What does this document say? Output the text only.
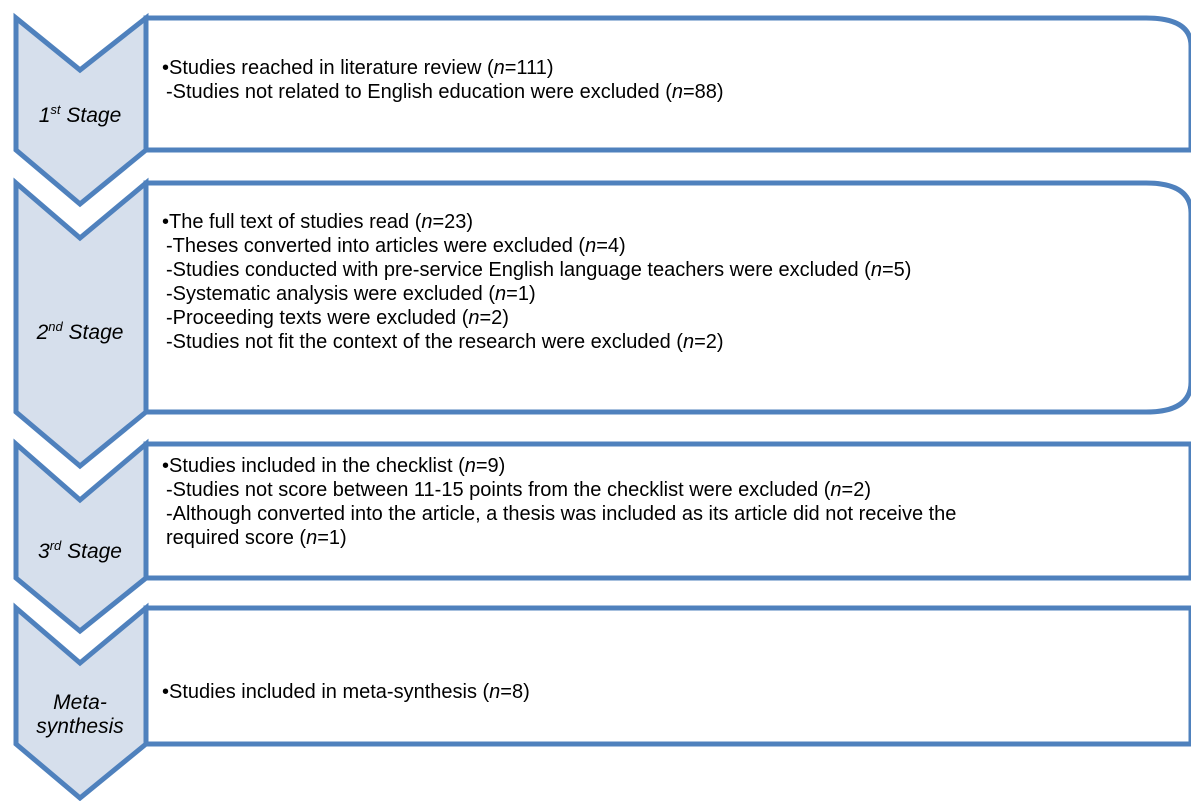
1st Stage
2nd Stage
3rd Stage
Meta-
synthesis
•Studies reached in literature review (n=111)
-Studies not related to English education were excluded (n=88)
•The full text of studies read (n=23)
-Theses converted into articles were excluded (n=4)
-Studies conducted with pre-service English language teachers were excluded (n=5)
-Systematic analysis were excluded (n=1)
-Proceeding texts were excluded (n=2)
-Studies not fit the context of the research were excluded (n=2)
•Studies included in the checklist (n=9)
-Studies not score between 11-15 points from the checklist were excluded (n=2)
-Although converted into the article, a thesis was included as its article did not receive the
required score (n=1)
•Studies included in meta-synthesis (n=8)
